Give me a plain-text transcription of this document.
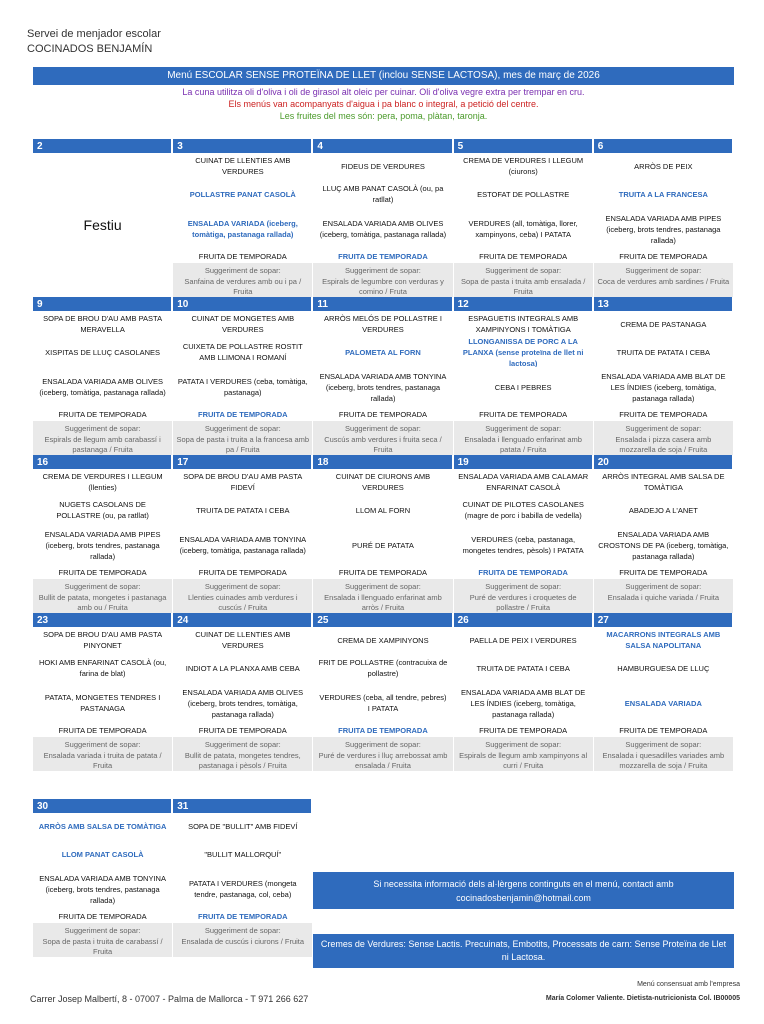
Servei de menjador escolar
COCINADOS BENJAMÍN
Menú ESCOLAR SENSE PROTEÏNA DE LLET (inclou SENSE LACTOSA), mes de març de 2026
La cuna utilitza oli d'oliva i oli de girasol alt oleic per cuinar. Oli d'oliva vegre extra per trempar en cru.
Els menús van acompanyats d'aigua i pa blanc o integral, a petició del centre.
Les fruites del mes són: pera, poma, plàtan, taronja.
2
Festiu
3
CUINAT DE LLENTIES AMB VERDURES
POLLASTRE PANAT CASOLÀ
ENSALADA VARIADA (iceberg, tomàtiga, pastanaga rallada)
FRUITA DE TEMPORADA
Suggeriment de sopar:
Sanfaina de verdures amb ou i pa / Fruita
4
FIDEUS DE VERDURES
LLUÇ AMB PANAT CASOLÀ (ou, pa ratllat)
ENSALADA VARIADA AMB OLIVES (iceberg, tomàtiga, pastanaga rallada)
FRUITA DE TEMPORADA
Suggeriment de sopar:
Espirals de legumbre con verduras y comino / Fruta
5
CREMA DE VERDURES I LLEGUM (ciurons)
ESTOFAT DE POLLASTRE
VERDURES (all, tomàtiga, llorer, xampinyons, ceba) I PATATA
FRUITA DE TEMPORADA
Suggeriment de sopar:
Sopa de pasta i truita amb ensalada / Fruita
6
ARRÒS DE PEIX
TRUITA A LA FRANCESA
ENSALADA VARIADA AMB PIPES (iceberg, brots tendres, pastanaga rallada)
FRUITA DE TEMPORADA
Suggeriment de sopar:
Coca de verdures amb sardines / Fruita
9
SOPA DE BROU D'AU AMB PASTA MERAVELLA
XISPITAS DE LLUÇ CASOLANES
ENSALADA VARIADA AMB OLIVES (iceberg, tomàtiga, pastanaga rallada)
FRUITA DE TEMPORADA
Suggeriment de sopar:
Espirals de llegum amb carabassí i pastanaga / Fruita
10
CUINAT DE MONGETES AMB VERDURES
CUIXETA DE POLLASTRE ROSTIT AMB LLIMONA I ROMANÍ
PATATA I VERDURES (ceba, tomàtiga, pastanaga)
FRUITA DE TEMPORADA
Suggeriment de sopar:
Sopa de pasta i truita a la francesa amb pa / Fruita
11
ARRÒS MELÓS DE POLLASTRE I VERDURES
PALOMETA AL FORN
ENSALADA VARIADA AMB TONYINA (iceberg, brots tendres, pastanaga rallada)
FRUITA DE TEMPORADA
Suggeriment de sopar:
Cuscús amb verdures i fruita seca / Fruita
12
ESPAGUETIS INTEGRALS AMB XAMPINYONS I TOMÀTIGA
LLONGANISSA DE PORC A LA PLANXA (sense proteïna de llet ni lactosa)
CEBA I PEBRES
FRUITA DE TEMPORADA
Suggeriment de sopar:
Ensalada i llenguado enfarinat amb patata / Fruita
13
CREMA DE PASTANAGA
TRUITA DE PATATA I CEBA
ENSALADA VARIADA AMB BLAT DE LES ÍNDIES (iceberg, tomàtiga, pastanaga rallada)
FRUITA DE TEMPORADA
Suggeriment de sopar:
Ensalada i pizza casera amb mozzarella de soja / Fruita
16
CREMA DE VERDURES I LLEGUM (llenties)
NUGETS CASOLANS DE POLLASTRE (ou, pa ratllat)
ENSALADA VARIADA AMB PIPES (iceberg, brots tendres, pastanaga rallada)
FRUITA DE TEMPORADA
Suggeriment de sopar:
Bullit de patata, mongetes i pastanaga amb ou / Fruita
17
SOPA DE BROU D'AU AMB PASTA FIDEVÍ
TRUITA DE PATATA I CEBA
ENSALADA VARIADA AMB TONYINA (iceberg, tomàtiga, pastanaga rallada)
FRUITA DE TEMPORADA
Suggeriment de sopar:
Llenties cuinades amb verdures i cuscús / Fruita
18
CUINAT DE CIURONS AMB VERDURES
LLOM AL FORN
PURÉ DE PATATA
FRUITA DE TEMPORADA
Suggeriment de sopar:
Ensalada i llenguado enfarinat amb arròs / Fruita
19
ENSALADA VARIADA AMB CALAMAR ENFARINAT CASOLÀ
CUINAT DE PILOTES CASOLANES (magre de porc i babilla de vedella)
VERDURES (ceba, pastanaga, mongetes tendres, pèsols) I PATATA
FRUITA DE TEMPORADA
Suggeriment de sopar:
Puré de verdures i croquetes de pollastre / Fruita
20
ARRÒS INTEGRAL AMB SALSA DE TOMÀTIGA
ABADEJO A L'ANET
ENSALADA VARIADA AMB CROSTONS DE PA (iceberg, tomàtiga, pastanaga rallada)
FRUITA DE TEMPORADA
Suggeriment de sopar:
Ensalada i quiche variada / Fruita
23
SOPA DE BROU D'AU AMB PASTA PINYONET
HOKI AMB ENFARINAT CASOLÀ (ou, farina de blat)
PATATA, MONGETES TENDRES I PASTANAGA
FRUITA DE TEMPORADA
Suggeriment de sopar:
Ensalada variada i truita de patata / Fruita
24
CUINAT DE LLENTIES AMB VERDURES
INDIOT A LA PLANXA AMB CEBA
ENSALADA VARIADA AMB OLIVES (iceberg, brots tendres, tomàtiga, pastanaga rallada)
FRUITA DE TEMPORADA
Suggeriment de sopar:
Bullit de patata, mongetes tendres, pastanaga i pèsols / Fruita
25
CREMA DE XAMPINYONS
FRIT DE POLLASTRE (contracuixa de pollastre)
VERDURES (ceba, all tendre, pebres) I PATATA
FRUITA DE TEMPORADA
Suggeriment de sopar:
Puré de verdures i lluç arrebossat amb ensalada / Fruita
26
PAELLA DE PEIX I VERDURES
TRUITA DE PATATA I CEBA
ENSALADA VARIADA AMB BLAT DE LES ÍNDIES (iceberg, tomàtiga, pastanaga rallada)
FRUITA DE TEMPORADA
Suggeriment de sopar:
Espirals de llegum amb xampinyons al curri / Fruita
27
MACARRONS INTEGRALS AMB SALSA NAPOLITANA
HAMBURGUESA DE LLUÇ
ENSALADA VARIADA
FRUITA DE TEMPORADA
Suggeriment de sopar:
Ensalada i quesadilles variades amb mozzarella de soja / Fruita
30
ARRÒS AMB SALSA DE TOMÀTIGA
LLOM PANAT CASOLÀ
ENSALADA VARIADA AMB TONYINA (iceberg, brots tendres, pastanaga rallada)
FRUITA DE TEMPORADA
Suggeriment de sopar:
Sopa de pasta i truita de carabassí / Fruita
31
SOPA DE "BULLIT" AMB FIDEVÍ
"BULLIT MALLORQUÍ"
PATATA I VERDURES (mongeta tendre, pastanaga, col, ceba)
FRUITA DE TEMPORADA
Suggeriment de sopar:
Ensalada de cuscús i ciurons / Fruita
Si necessita informació dels al·lèrgens continguts en el menú, contacti amb
cocinadosbenjamin@hotmail.com
Cremes de Verdures: Sense Lactis. Precuinats, Embotits, Processats de carn: Sense Proteïna de Llet
ni Lactosa.
Carrer Josep Malbertí, 8 - 07007 - Palma de Mallorca - T 971 266 627
Menú consensuat amb l'empresa
María Colomer Valiente. Dietista-nutricionista Col. IB00005
